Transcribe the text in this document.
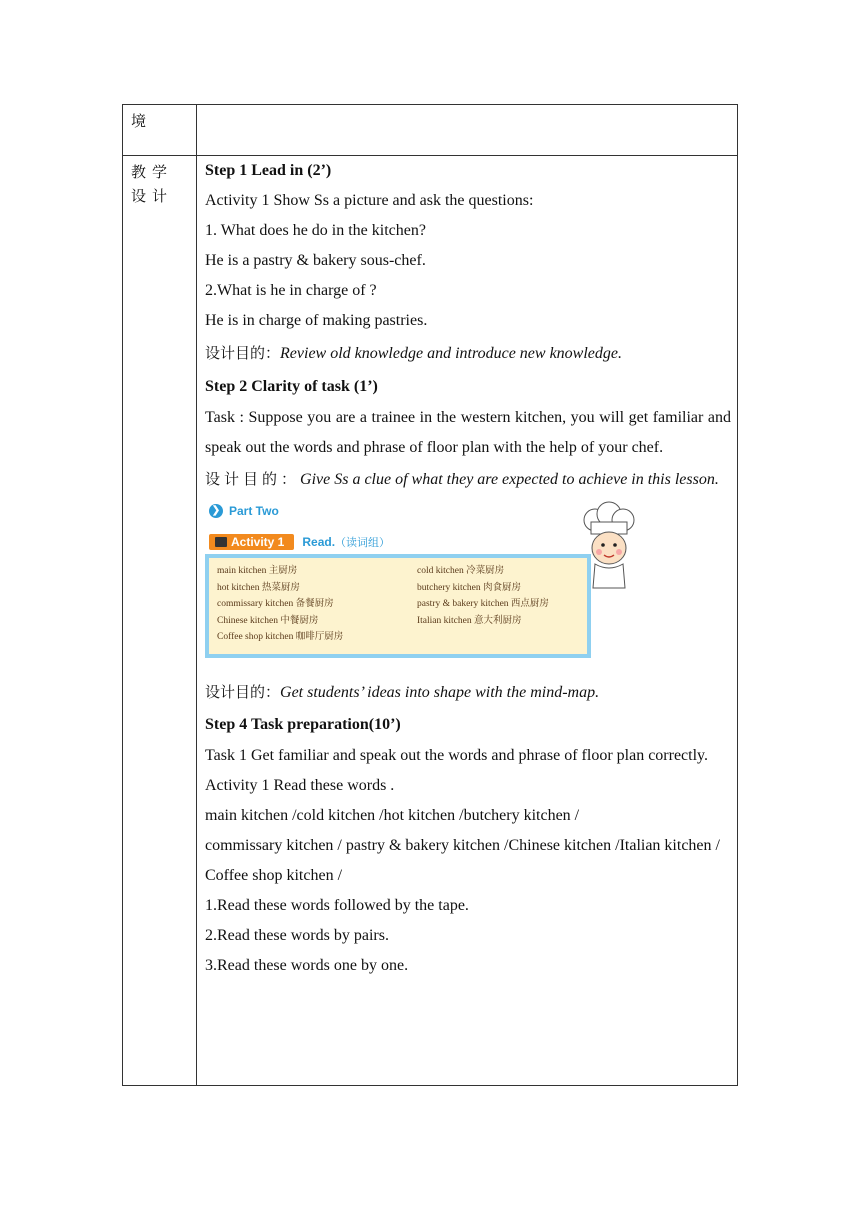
境
教学设计

Step 1 Lead in (2’)

Activity 1 Show Ss a picture and ask the questions:

1. What does he do in the kitchen?

He is a pastry & bakery sous-chef.

2.What is he in charge of ?

He is in charge of making pastries.

设计目的：Review old knowledge and introduce new knowledge.

Step 2 Clarity of task (1’)

Task : Suppose you are a trainee in the western kitchen, you will get familiar and speak out the words and phrase of floor plan with the help of your chef.

设计目的：Give Ss a clue of what they are expected to achieve in this lesson.

❯ Part Two
Activity 1 Read.（读词组）
main kitchen 主厨房	cold kitchen 冷菜厨房
hot kitchen 热菜厨房	butchery kitchen 肉食厨房
commissary kitchen 备餐厨房	pastry & bakery kitchen 西点厨房
Chinese kitchen 中餐厨房	Italian kitchen 意大利厨房
Coffee shop kitchen 咖啡厅厨房

设计目的：Get students’ ideas into shape with the mind-map.

Step 4 Task preparation(10’)

Task 1 Get familiar and speak out the words and phrase of floor plan correctly.

Activity 1 Read these words .

main kitchen /cold kitchen /hot kitchen /butchery kitchen /

commissary kitchen / pastry & bakery kitchen /Chinese kitchen /Italian kitchen /

Coffee shop kitchen /

1.Read these words followed by the tape.

2.Read these words by pairs.

3.Read these words one by one.
